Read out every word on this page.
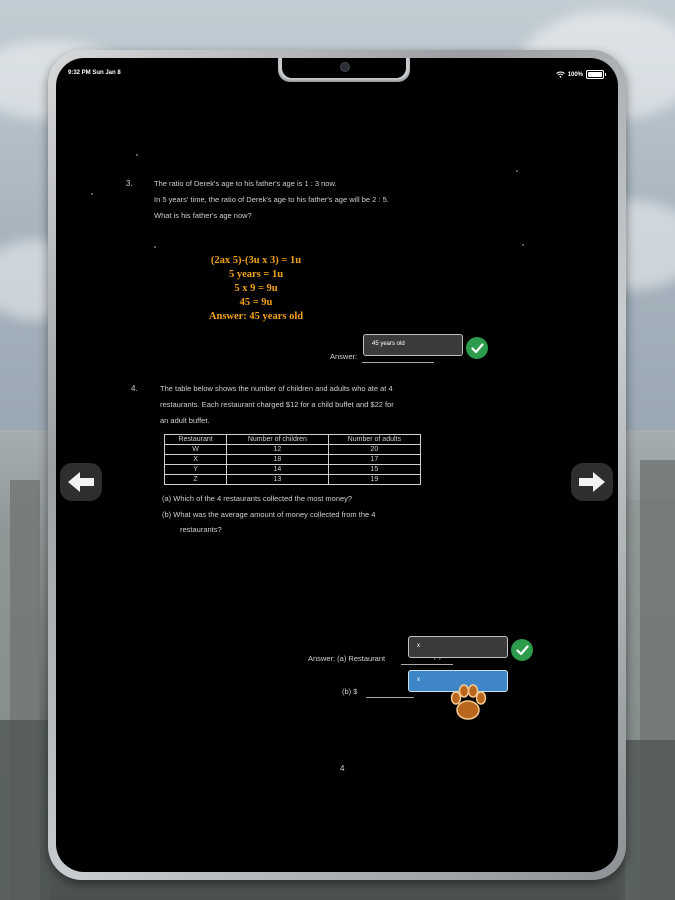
9:32 PM Sun Jan 8	100%
3.	The ratio of Derek's age to his father's age is 1 : 3 now.
In 5 years' time, the ratio of Derek's age to his father's age will be 2 : 5.
What is his father's age now?
(2ax 5)-(3u x 3) = 1u
5 years = 1u
5 x 9 = 9u
45 = 9u
Answer: 45 years old
Answer:
45 years old
4.	The table below shows the number of children and adults who ate at 4
restaurants. Each restaurant charged $12 for a child buffet and $22 for
an adult buffet.
Restaurant	Number of children	Number of adults
W	12	20
X	18	17
Y	14	15
Z	13	19
(a) Which of the 4 restaurants collected the most money?
(b) What was the average amount of money collected from the 4
restaurants?
Answer: (a) Restaurant
x
(b) $
x
4
